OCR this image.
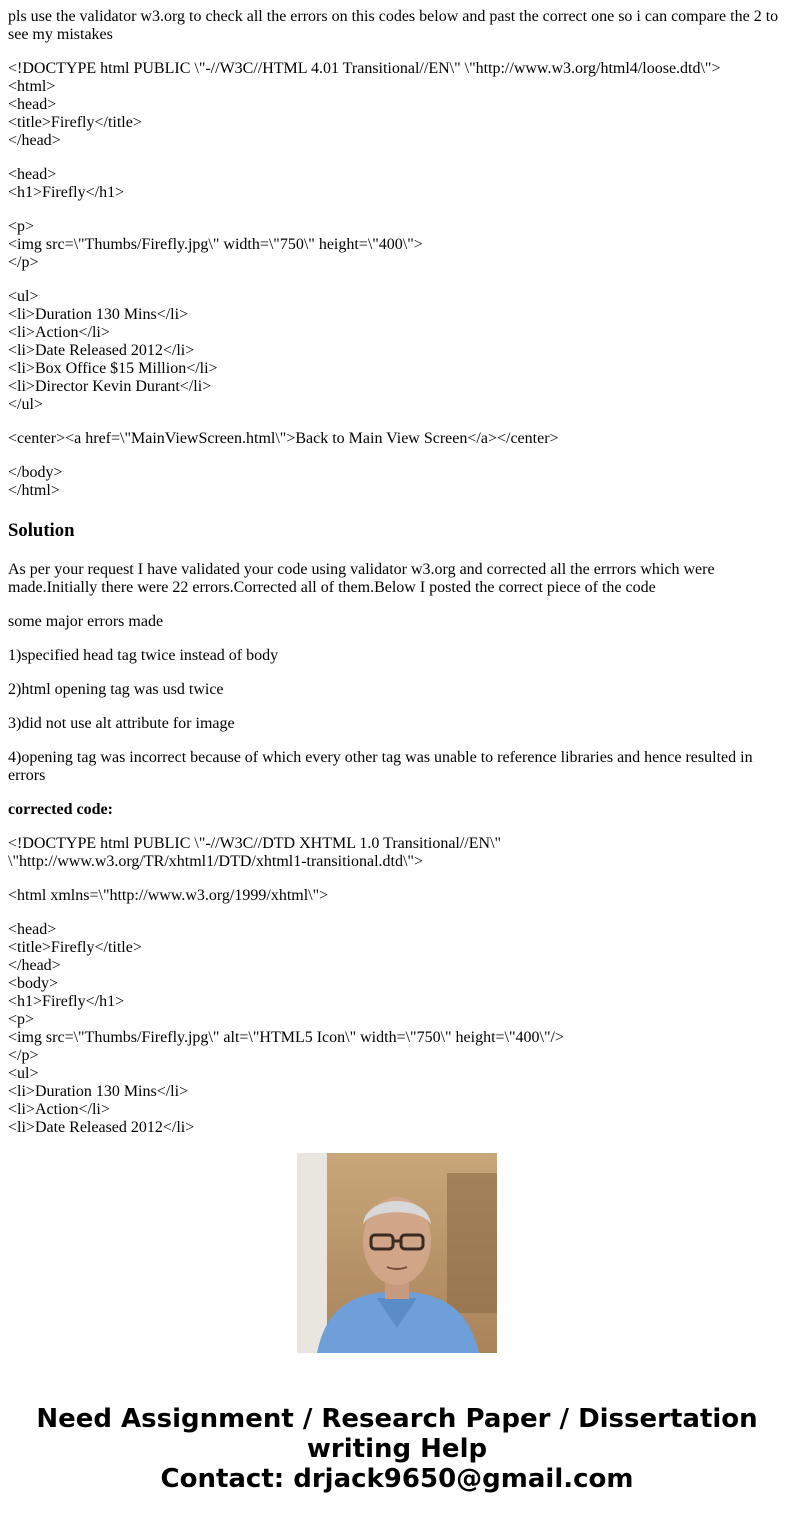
pls use the validator w3.org to check all the errors on this codes below and past the correct one so i can compare the 2 to see my mistakes

<!DOCTYPE html PUBLIC \"-//W3C//HTML 4.01 Transitional//EN\" \"http://www.w3.org/html4/loose.dtd\">
<html>
<head>
<title>Firefly</title>
</head>
<head>
<h1>Firefly</h1>
<p>
<img src=\"Thumbs/Firefly.jpg\" width=\"750\" height=\"400\">
</p>
<ul>
<li>Duration 130 Mins</li>
<li>Action</li>
<li>Date Released 2012</li>
<li>Box Office $15 Million</li>
<li>Director Kevin Durant</li>
</ul>
<center><a href=\"MainViewScreen.html\">Back to Main View Screen</a></center>
</body>
</html>
Solution

As per your request I have validated your code using validator w3.org and corrected all the errrors which were made.Initially there were 22 errors.Corrected all of them.Below I posted the correct piece of the code

some major errors made

1)specified head tag twice instead of body

2)html opening tag was usd twice

3)did not use alt attribute for image

4)opening tag was incorrect because of which every other tag was unable to reference libraries and hence resulted in errors

corrected code:

<!DOCTYPE html PUBLIC \"-//W3C//DTD XHTML 1.0 Transitional//EN\"
\"http://www.w3.org/TR/xhtml1/DTD/xhtml1-transitional.dtd\">
<html xmlns=\"http://www.w3.org/1999/xhtml\">
<head>
<title>Firefly</title>
</head>
<body>
<h1>Firefly</h1>
<p>
<img src=\"Thumbs/Firefly.jpg\" alt=\"HTML5 Icon\" width=\"750\" height=\"400\"/>
</p>
<ul>
<li>Duration 130 Mins</li>
<li>Action</li>
<li>Date Released 2012</li>
Need Assignment / Research Paper / Dissertation
writing Help
Contact: drjack9650@gmail.com
